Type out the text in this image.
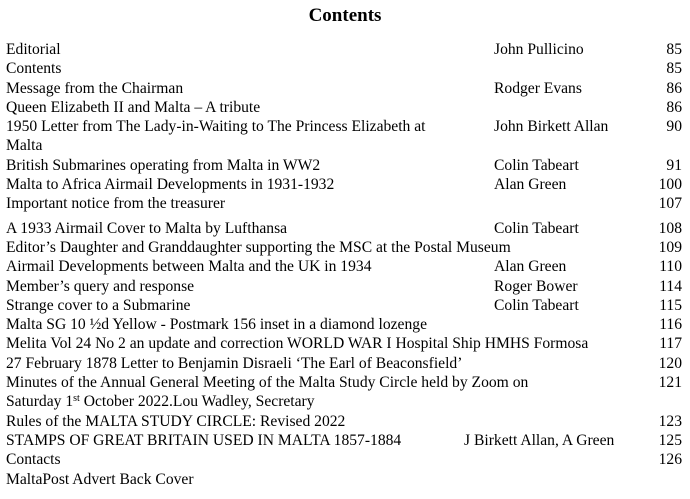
Contents
Editorial	John Pullicino	85
Contents	85
Message from the Chairman	Rodger Evans	86
Queen Elizabeth II and Malta – A tribute	86
1950 Letter from The Lady-in-Waiting to The Princess Elizabeth at
Malta
John Birkett Allan	90
British Submarines operating from Malta in WW2	Colin Tabeart	91
Malta to Africa Airmail Developments in 1931-1932	Alan Green	100
Important notice from the treasurer	107
A 1933 Airmail Cover to Malta by Lufthansa	Colin Tabeart	108
Editor’s Daughter and Granddaughter supporting the MSC at the Postal Museum	109
Airmail Developments between Malta and the UK in 1934	Alan Green	110
Member’s query and response	Roger Bower	114
Strange cover to a Submarine	Colin Tabeart	115
Malta SG 10 ½d Yellow - Postmark 156 inset in a diamond lozenge	116
Melita Vol 24 No 2 an update and correction WORLD WAR I Hospital Ship HMHS Formosa	117
27 February 1878 Letter to Benjamin Disraeli ‘The Earl of Beaconsfield’	120
Minutes of the Annual General Meeting of the Malta Study Circle held by Zoom on
Saturday 1st October 2022.Lou Wadley, Secretary
121
Rules of the MALTA STUDY CIRCLE: Revised 2022	123
STAMPS OF GREAT BRITAIN USED IN MALTA 1857-1884	J Birkett Allan, A Green	125
Contacts	126
MaltaPost Advert Back Cover
